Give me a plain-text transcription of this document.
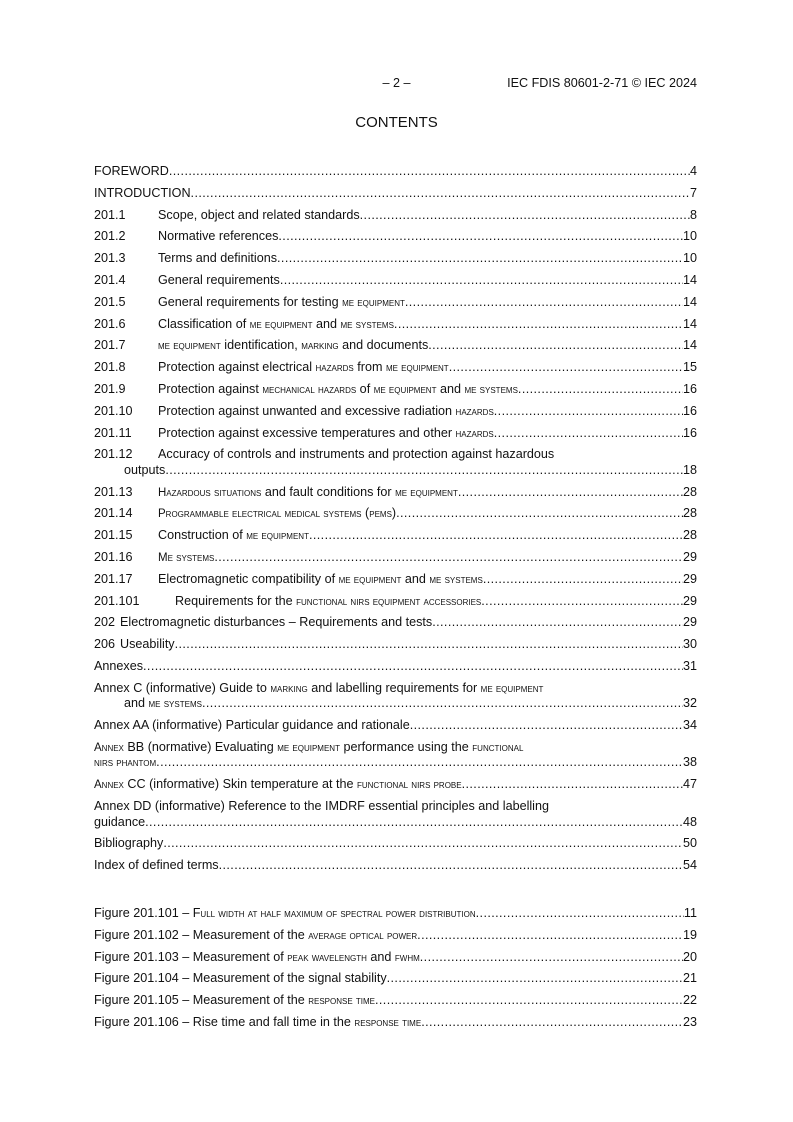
– 2 –	IEC FDIS 80601-2-71 © IEC 2024
CONTENTS
FOREWORD .....	4
INTRODUCTION .....	7
201.1	Scope, object and related standards .....	8
201.2	Normative references .....	10
201.3	Terms and definitions .....	10
201.4	General requirements .....	14
201.5	General requirements for testing me equipment .....	14
201.6	Classification of me equipment and me systems .....	14
201.7	me equipment identification, marking and documents .....	14
201.8	Protection against electrical hazards from me equipment .....	15
201.9	Protection against mechanical hazards of me equipment and me systems .....	16
201.10	Protection against unwanted and excessive radiation hazards .....	16
201.11	Protection against excessive temperatures and other hazards .....	16
201.12	Accuracy of controls and instruments and protection against hazardous
outputs .....	18
201.13	Hazardous situations and fault conditions for me equipment .....	28
201.14	Programmable electrical medical systems (pems) .....	28
201.15	Construction of me equipment .....	28
201.16	Me systems .....	29
201.17	Electromagnetic compatibility of me equipment and me systems .....	29
201.101	Requirements for the functional nirs equipment accessories .....	29
202 Electromagnetic disturbances – Requirements and tests .....	29
206 Useability .....	30
Annexes .....	31
Annex C (informative) Guide to marking and labelling requirements for me equipment
and me systems .....	32
Annex AA (informative) Particular guidance and rationale .....	34
Annex BB (normative) Evaluating me equipment performance using the functional
nirs phantom .....	38
Annex CC (informative) Skin temperature at the functional nirs probe .....	47
Annex DD (informative) Reference to the IMDRF essential principles and labelling
guidance .....	48
Bibliography .....	50
Index of defined terms .....	54
Figure 201.101 – Full width at half maximum of spectral power distribution .....	11
Figure 201.102 – Measurement of the average optical power .....	19
Figure 201.103 – Measurement of peak wavelength and fwhm .....	20
Figure 201.104 – Measurement of the signal stability .....	21
Figure 201.105 – Measurement of the response time .....	22
Figure 201.106 – Rise time and fall time in the response time .....	23
